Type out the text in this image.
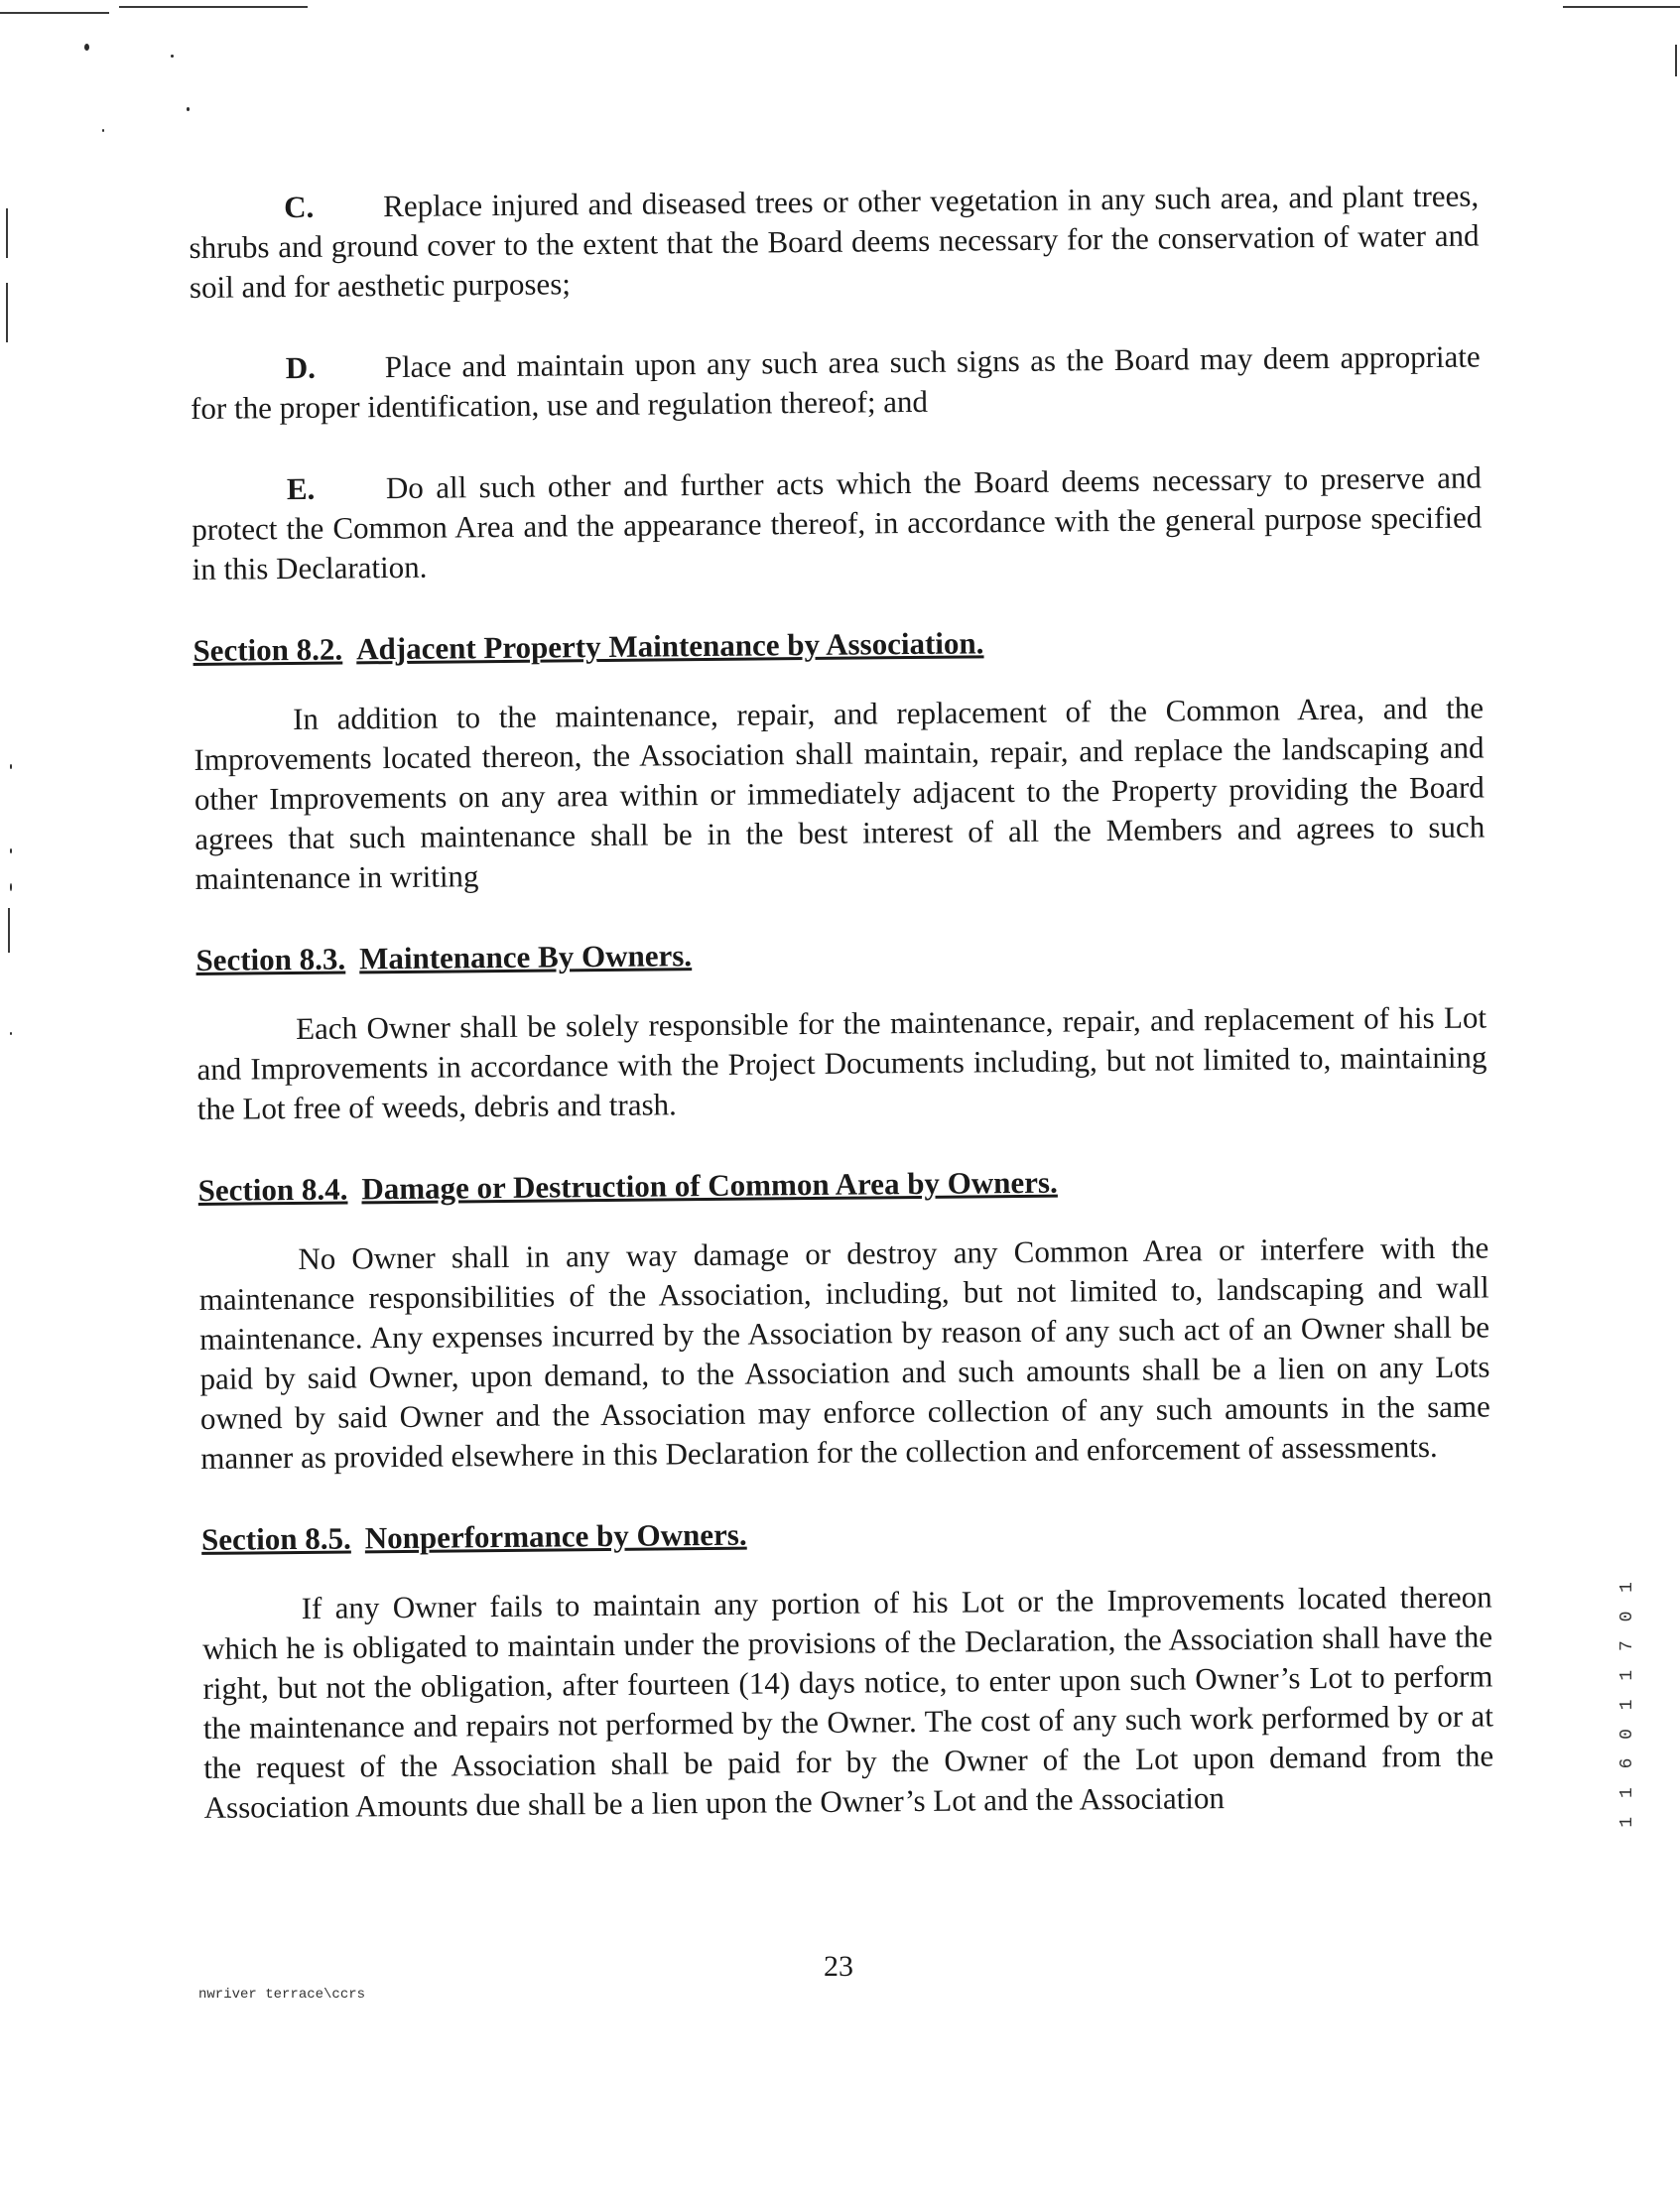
C. Replace injured and diseased trees or other vegetation in any such area, and plant trees, shrubs and ground cover to the extent that the Board deems necessary for the conservation of water and soil and for aesthetic purposes;
D. Place and maintain upon any such area such signs as the Board may deem appropriate for the proper identification, use and regulation thereof; and
E. Do all such other and further acts which the Board deems necessary to preserve and protect the Common Area and the appearance thereof, in accordance with the general purpose specified in this Declaration.
Section 8.2. Adjacent Property Maintenance by Association.

In addition to the maintenance, repair, and replacement of the Common Area, and the Improvements located thereon, the Association shall maintain, repair, and replace the landscaping and other Improvements on any area within or immediately adjacent to the Property providing the Board agrees that such maintenance shall be in the best interest of all the Members and agrees to such maintenance in writing

Section 8.3. Maintenance By Owners.

Each Owner shall be solely responsible for the maintenance, repair, and replacement of his Lot and Improvements in accordance with the Project Documents including, but not limited to, maintaining the Lot free of weeds, debris and trash.

Section 8.4. Damage or Destruction of Common Area by Owners.

No Owner shall in any way damage or destroy any Common Area or interfere with the maintenance responsibilities of the Association, including, but not limited to, landscaping and wall maintenance. Any expenses incurred by the Association by reason of any such act of an Owner shall be paid by said Owner, upon demand, to the Association and such amounts shall be a lien on any Lots owned by said Owner and the Association may enforce collection of any such amounts in the same manner as provided elsewhere in this Declaration for the collection and enforcement of assessments.

Section 8.5. Nonperformance by Owners.

If any Owner fails to maintain any portion of his Lot or the Improvements located thereon which he is obligated to maintain under the provisions of the Declaration, the Association shall have the right, but not the obligation, after fourteen (14) days notice, to enter upon such Owner’s Lot to perform the maintenance and repairs not performed by the Owner. The cost of any such work performed by or at the request of the Association shall be paid for by the Owner of the Lot upon demand from the Association Amounts due shall be a lien upon the Owner’s Lot and the Association

23
nwriver terrace\ccrs
1 1 6 0 1 1 7 0 1
